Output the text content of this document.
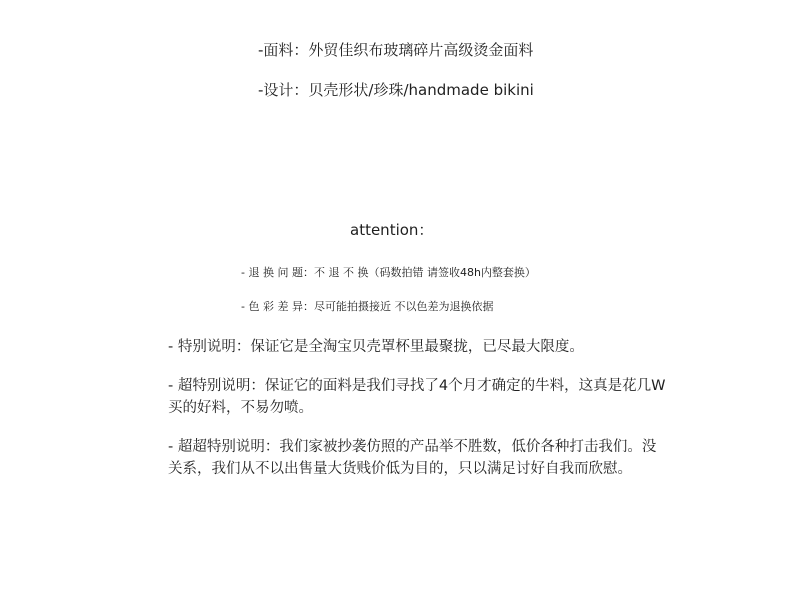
-面料：外贸佳织布玻璃碎片高级烫金面料
-设计：贝壳形状/珍珠/handmade bikini
attention：
- 退 换 问 题：不 退 不 换（码数拍错 请签收48h内整套换）
- 色 彩 差 异：尽可能拍摄接近 不以色差为退换依据
- 特别说明：保证它是全淘宝贝壳罩杯里最聚拢，已尽最大限度。
- 超特别说明：保证它的面料是我们寻找了4个月才确定的牛料，这真是花几W买的好料，不易勿喷。
- 超超特别说明：我们家被抄袭仿照的产品举不胜数，低价各种打击我们。没关系，我们从不以出售量大货贱价低为目的，只以满足讨好自我而欣慰。
